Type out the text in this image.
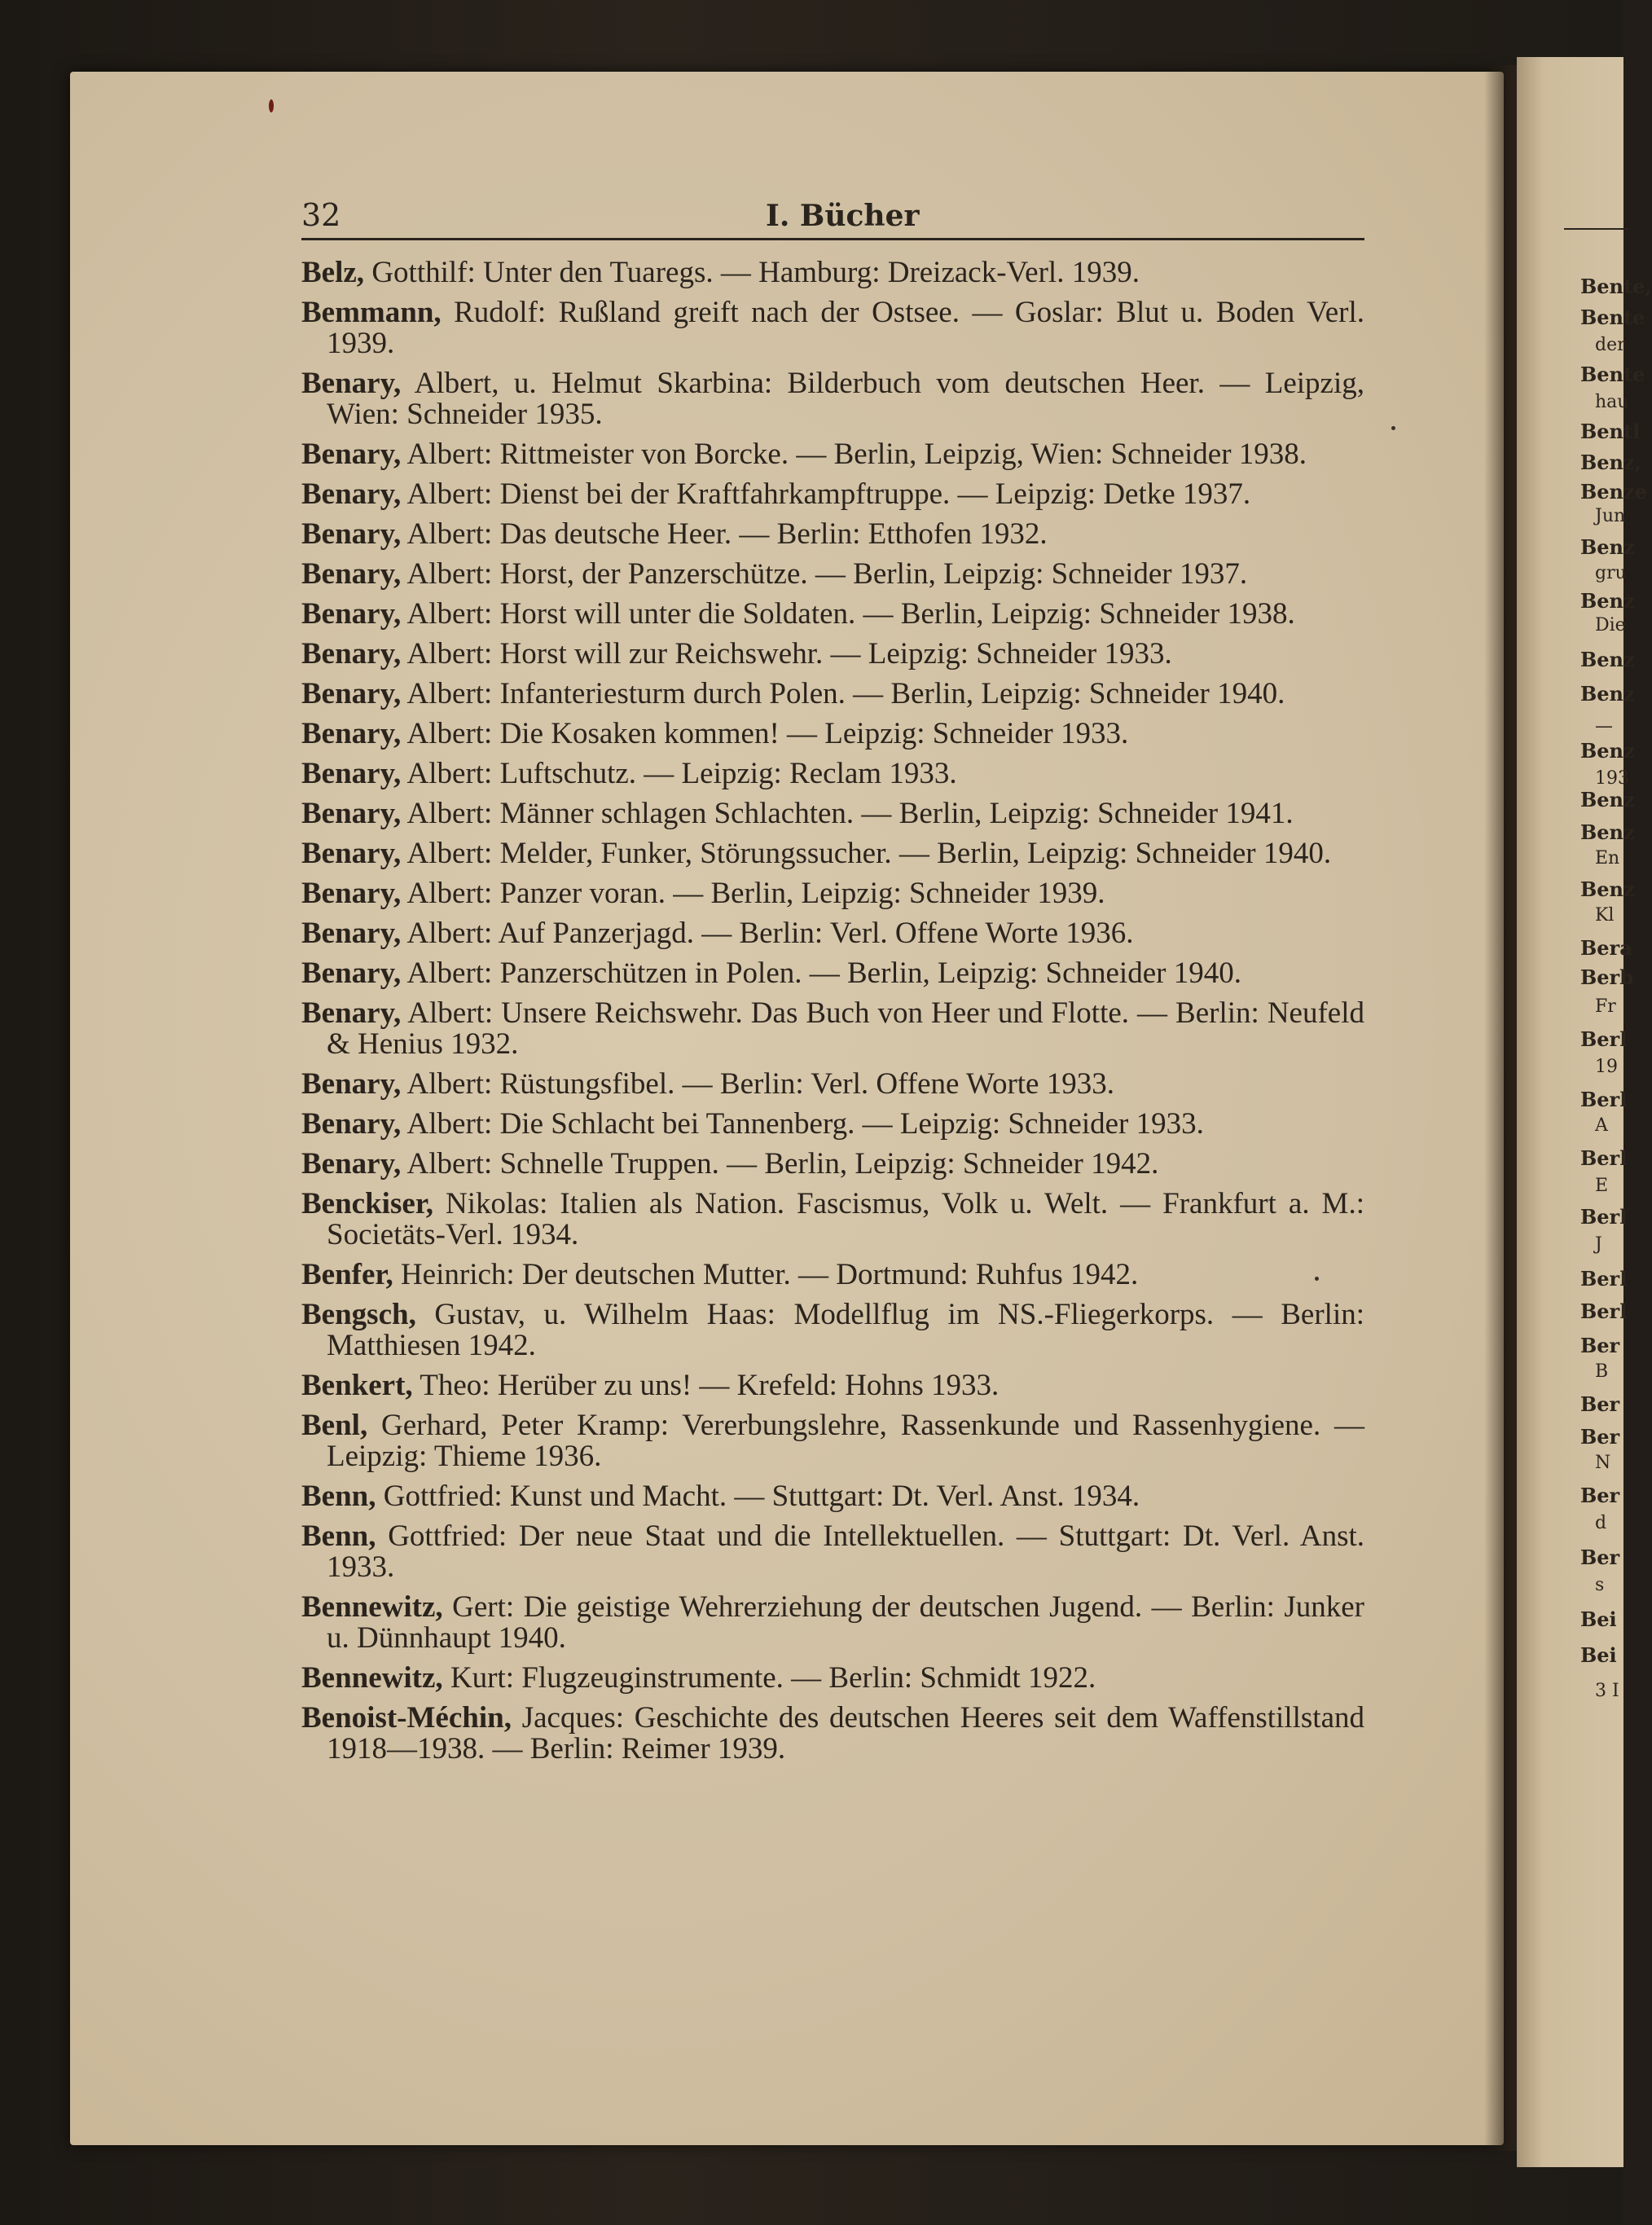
Bente,
Bente
der
Bente
hau
Bentl
Benz,
Benze
Jun
Benz
gru
Benz
Die
Benz
Benz
—
Benz
193
Benz
Benz
En
Benz
Kl
Bera
Berb
Fr
Berl
19
Berl
A
Berl
E
Berl
J
Berl
Berl
Ber
B
Ber
Ber
N
Ber
d
Ber
s
Bei
Bei
3 I
32	I. Bücher

Belz, Gotthilf: Unter den Tuaregs. — Hamburg: Dreizack-Verl. 1939.

Bemmann, Rudolf: Rußland greift nach der Ostsee. — Goslar: Blut u. Boden Verl. 1939.

Benary, Albert, u. Helmut Skarbina: Bilderbuch vom deutschen Heer. — Leipzig, Wien: Schneider 1935.

Benary, Albert: Rittmeister von Borcke. — Berlin, Leipzig, Wien: Schneider 1938.

Benary, Albert: Dienst bei der Kraftfahrkampftruppe. — Leipzig: Detke 1937.

Benary, Albert: Das deutsche Heer. — Berlin: Etthofen 1932.

Benary, Albert: Horst, der Panzerschütze. — Berlin, Leipzig: Schneider 1937.

Benary, Albert: Horst will unter die Soldaten. — Berlin, Leipzig: Schneider 1938.

Benary, Albert: Horst will zur Reichswehr. — Leipzig: Schneider 1933.

Benary, Albert: Infanteriesturm durch Polen. — Berlin, Leipzig: Schneider 1940.

Benary, Albert: Die Kosaken kommen! — Leipzig: Schneider 1933.

Benary, Albert: Luftschutz. — Leipzig: Reclam 1933.

Benary, Albert: Männer schlagen Schlachten. — Berlin, Leipzig: Schneider 1941.

Benary, Albert: Melder, Funker, Störungssucher. — Berlin, Leipzig: Schneider 1940.

Benary, Albert: Panzer voran. — Berlin, Leipzig: Schneider 1939.

Benary, Albert: Auf Panzerjagd. — Berlin: Verl. Offene Worte 1936.

Benary, Albert: Panzerschützen in Polen. — Berlin, Leipzig: Schneider 1940.

Benary, Albert: Unsere Reichswehr. Das Buch von Heer und Flotte. — Berlin: Neufeld & Henius 1932.

Benary, Albert: Rüstungsfibel. — Berlin: Verl. Offene Worte 1933.

Benary, Albert: Die Schlacht bei Tannenberg. — Leipzig: Schneider 1933.

Benary, Albert: Schnelle Truppen. — Berlin, Leipzig: Schneider 1942.

Benckiser, Nikolas: Italien als Nation. Fascismus, Volk u. Welt. — Frankfurt a. M.: Societäts-Verl. 1934.

Benfer, Heinrich: Der deutschen Mutter. — Dortmund: Ruhfus 1942.

Bengsch, Gustav, u. Wilhelm Haas: Modellflug im NS.-Fliegerkorps. — Berlin: Matthiesen 1942.

Benkert, Theo: Herüber zu uns! — Krefeld: Hohns 1933.

Benl, Gerhard, Peter Kramp: Vererbungslehre, Rassenkunde und Rassenhygiene. — Leipzig: Thieme 1936.

Benn, Gottfried: Kunst und Macht. — Stuttgart: Dt. Verl. Anst. 1934.

Benn, Gottfried: Der neue Staat und die Intellektuellen. — Stuttgart: Dt. Verl. Anst. 1933.

Bennewitz, Gert: Die geistige Wehrerziehung der deutschen Jugend. — Berlin: Junker u. Dünnhaupt 1940.

Bennewitz, Kurt: Flugzeuginstrumente. — Berlin: Schmidt 1922.

Benoist-Méchin, Jacques: Geschichte des deutschen Heeres seit dem Waffenstillstand 1918—1938. — Berlin: Reimer 1939.
